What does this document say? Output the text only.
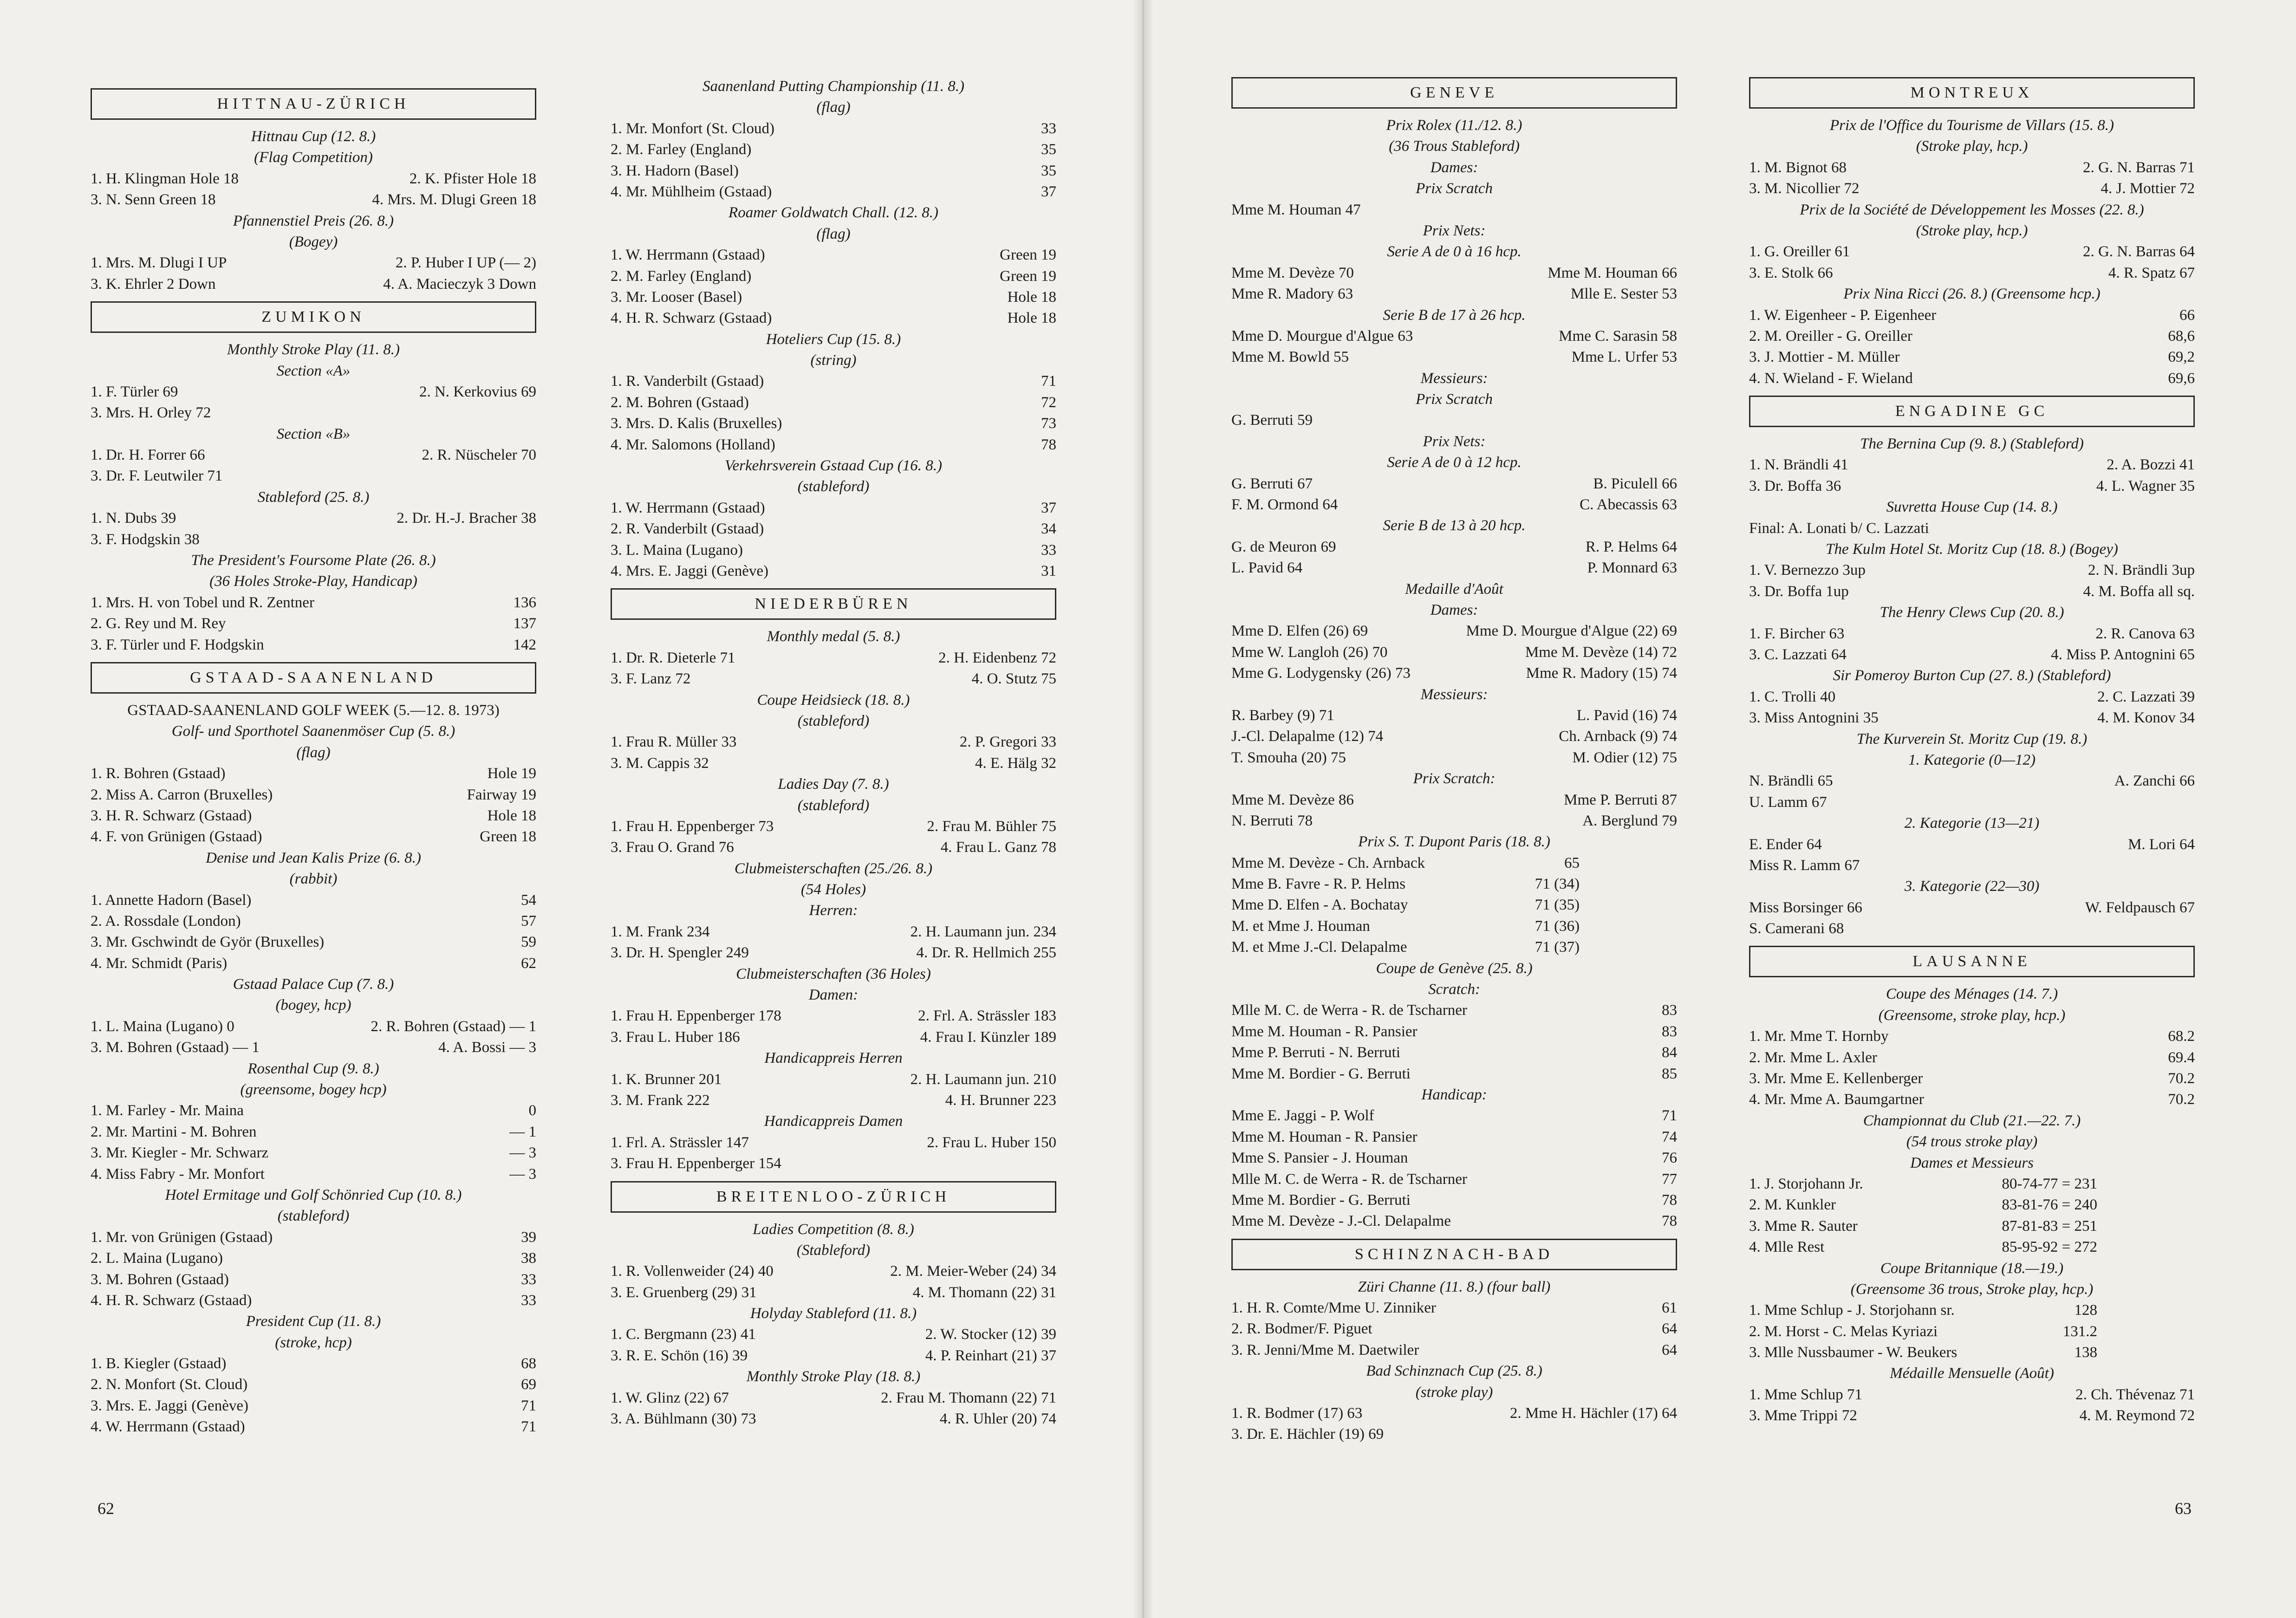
HITTNAU-ZÜRICH
Hittnau Cup (12. 8.)
(Flag Competition)
1. H. Klingman Hole 18	2. K. Pfister Hole 18
3. N. Senn Green 18	4. Mrs. M. Dlugi Green 18
Pfannenstiel Preis (26. 8.)
(Bogey)
1. Mrs. M. Dlugi I UP	2. P. Huber I UP (— 2)
3. K. Ehrler 2 Down	4. A. Macieczyk 3 Down
ZUMIKON
Monthly Stroke Play (11. 8.)
Section «A»
1. F. Türler 69	2. N. Kerkovius 69
3. Mrs. H. Orley 72
Section «B»
1. Dr. H. Forrer 66	2. R. Nüscheler 70
3. Dr. F. Leutwiler 71
Stableford (25. 8.)
1. N. Dubs 39	2. Dr. H.-J. Bracher 38
3. F. Hodgskin 38
The President's Foursome Plate (26. 8.)
(36 Holes Stroke-Play, Handicap)
1. Mrs. H. von Tobel und R. Zentner	136
2. G. Rey und M. Rey	137
3. F. Türler und F. Hodgskin	142
GSTAAD-SAANENLAND
GSTAAD-SAANENLAND GOLF WEEK (5.—12. 8. 1973)
Golf- und Sporthotel Saanenmöser Cup (5. 8.)
(flag)
1. R. Bohren (Gstaad)	Hole 19
2. Miss A. Carron (Bruxelles)	Fairway 19
3. H. R. Schwarz (Gstaad)	Hole 18
4. F. von Grünigen (Gstaad)	Green 18
Denise und Jean Kalis Prize (6. 8.)
(rabbit)
1. Annette Hadorn (Basel)	54
2. A. Rossdale (London)	57
3. Mr. Gschwindt de Györ (Bruxelles)	59
4. Mr. Schmidt (Paris)	62
Gstaad Palace Cup (7. 8.)
(bogey, hcp)
1. L. Maina (Lugano) 0	2. R. Bohren (Gstaad) — 1
3. M. Bohren (Gstaad) — 1	4. A. Bossi — 3
Rosenthal Cup (9. 8.)
(greensome, bogey hcp)
1. M. Farley - Mr. Maina	0
2. Mr. Martini - M. Bohren	— 1
3. Mr. Kiegler - Mr. Schwarz	— 3
4. Miss Fabry - Mr. Monfort	— 3
Hotel Ermitage und Golf Schönried Cup (10. 8.)
(stableford)
1. Mr. von Grünigen (Gstaad)	39
2. L. Maina (Lugano)	38
3. M. Bohren (Gstaad)	33
4. H. R. Schwarz (Gstaad)	33
President Cup (11. 8.)
(stroke, hcp)
1. B. Kiegler (Gstaad)	68
2. N. Monfort (St. Cloud)	69
3. Mrs. E. Jaggi (Genève)	71
4. W. Herrmann (Gstaad)	71
Saanenland Putting Championship (11. 8.)
(flag)
1. Mr. Monfort (St. Cloud)	33
2. M. Farley (England)	35
3. H. Hadorn (Basel)	35
4. Mr. Mühlheim (Gstaad)	37
Roamer Goldwatch Chall. (12. 8.)
(flag)
1. W. Herrmann (Gstaad)	Green 19
2. M. Farley (England)	Green 19
3. Mr. Looser (Basel)	Hole 18
4. H. R. Schwarz (Gstaad)	Hole 18
Hoteliers Cup (15. 8.)
(string)
1. R. Vanderbilt (Gstaad)	71
2. M. Bohren (Gstaad)	72
3. Mrs. D. Kalis (Bruxelles)	73
4. Mr. Salomons (Holland)	78
Verkehrsverein Gstaad Cup (16. 8.)
(stableford)
1. W. Herrmann (Gstaad)	37
2. R. Vanderbilt (Gstaad)	34
3. L. Maina (Lugano)	33
4. Mrs. E. Jaggi (Genève)	31
NIEDERBÜREN
Monthly medal (5. 8.)
1. Dr. R. Dieterle 71	2. H. Eidenbenz 72
3. F. Lanz 72	4. O. Stutz 75
Coupe Heidsieck (18. 8.)
(stableford)
1. Frau R. Müller 33	2. P. Gregori 33
3. M. Cappis 32	4. E. Hälg 32
Ladies Day (7. 8.)
(stableford)
1. Frau H. Eppenberger 73	2. Frau M. Bühler 75
3. Frau O. Grand 76	4. Frau L. Ganz 78
Clubmeisterschaften (25./26. 8.)
(54 Holes)
Herren:
1. M. Frank 234	2. H. Laumann jun. 234
3. Dr. H. Spengler 249	4. Dr. R. Hellmich 255
Clubmeisterschaften (36 Holes)
Damen:
1. Frau H. Eppenberger 178	2. Frl. A. Strässler 183
3. Frau L. Huber 186	4. Frau I. Künzler 189
Handicappreis Herren
1. K. Brunner 201	2. H. Laumann jun. 210
3. M. Frank 222	4. H. Brunner 223
Handicappreis Damen
1. Frl. A. Strässler 147	2. Frau L. Huber 150
3. Frau H. Eppenberger 154
BREITENLOO-ZÜRICH
Ladies Competition (8. 8.)
(Stableford)
1. R. Vollenweider (24) 40	2. M. Meier-Weber (24) 34
3. E. Gruenberg (29) 31	4. M. Thomann (22) 31
Holyday Stableford (11. 8.)
1. C. Bergmann (23) 41	2. W. Stocker (12) 39
3. R. E. Schön (16) 39	4. P. Reinhart (21) 37
Monthly Stroke Play (18. 8.)
1. W. Glinz (22) 67	2. Frau M. Thomann (22) 71
3. A. Bühlmann (30) 73	4. R. Uhler (20) 74
62
GENEVE
Prix Rolex (11./12. 8.)
(36 Trous Stableford)
Dames:
Prix Scratch
Mme M. Houman 47
Prix Nets:
Serie A de 0 à 16 hcp.
Mme M. Devèze 70	Mme M. Houman 66
Mme R. Madory 63	Mlle E. Sester 53
Serie B de 17 à 26 hcp.
Mme D. Mourgue d'Algue 63	Mme C. Sarasin 58
Mme M. Bowld 55	Mme L. Urfer 53
Messieurs:
Prix Scratch
G. Berruti 59
Prix Nets:
Serie A de 0 à 12 hcp.
G. Berruti 67	B. Piculell 66
F. M. Ormond 64	C. Abecassis 63
Serie B de 13 à 20 hcp.
G. de Meuron 69	R. P. Helms 64
L. Pavid 64	P. Monnard 63
Medaille d'Août
Dames:
Mme D. Elfen (26) 69	Mme D. Mourgue d'Algue (22) 69
Mme W. Langloh (26) 70	Mme M. Devèze (14) 72
Mme G. Lodygensky (26) 73	Mme R. Madory (15) 74
Messieurs:
R. Barbey (9) 71	L. Pavid (16) 74
J.-Cl. Delapalme (12) 74	Ch. Arnback (9) 74
T. Smouha (20) 75	M. Odier (12) 75
Prix Scratch:
Mme M. Devèze 86	Mme P. Berruti 87
N. Berruti 78	A. Berglund 79
Prix S. T. Dupont Paris (18. 8.)
Mme M. Devèze - Ch. Arnback	65
Mme B. Favre - R. P. Helms	71 (34)
Mme D. Elfen - A. Bochatay	71 (35)
M. et Mme J. Houman	71 (36)
M. et Mme J.-Cl. Delapalme	71 (37)
Coupe de Genève (25. 8.)
Scratch:
Mlle M. C. de Werra - R. de Tscharner	83
Mme M. Houman - R. Pansier	83
Mme P. Berruti - N. Berruti	84
Mme M. Bordier - G. Berruti	85
Handicap:
Mme E. Jaggi - P. Wolf	71
Mme M. Houman - R. Pansier	74
Mme S. Pansier - J. Houman	76
Mlle M. C. de Werra - R. de Tscharner	77
Mme M. Bordier - G. Berruti	78
Mme M. Devèze - J.-Cl. Delapalme	78
SCHINZNACH-BAD
Züri Channe (11. 8.) (four ball)
1. H. R. Comte/Mme U. Zinniker	61
2. R. Bodmer/F. Piguet	64
3. R. Jenni/Mme M. Daetwiler	64
Bad Schinznach Cup (25. 8.)
(stroke play)
1. R. Bodmer (17) 63	2. Mme H. Hächler (17) 64
3. Dr. E. Hächler (19) 69
MONTREUX
Prix de l'Office du Tourisme de Villars (15. 8.)
(Stroke play, hcp.)
1. M. Bignot 68	2. G. N. Barras 71
3. M. Nicollier 72	4. J. Mottier 72
Prix de la Société de Développement les Mosses (22. 8.)
(Stroke play, hcp.)
1. G. Oreiller 61	2. G. N. Barras 64
3. E. Stolk 66	4. R. Spatz 67
Prix Nina Ricci (26. 8.) (Greensome hcp.)
1. W. Eigenheer - P. Eigenheer	66
2. M. Oreiller - G. Oreiller	68,6
3. J. Mottier - M. Müller	69,2
4. N. Wieland - F. Wieland	69,6
ENGADINE GC
The Bernina Cup (9. 8.) (Stableford)
1. N. Brändli 41	2. A. Bozzi 41
3. Dr. Boffa 36	4. L. Wagner 35
Suvretta House Cup (14. 8.)
Final: A. Lonati b/ C. Lazzati
The Kulm Hotel St. Moritz Cup (18. 8.) (Bogey)
1. V. Bernezzo 3up	2. N. Brändli 3up
3. Dr. Boffa 1up	4. M. Boffa all sq.
The Henry Clews Cup (20. 8.)
1. F. Bircher 63	2. R. Canova 63
3. C. Lazzati 64	4. Miss P. Antognini 65
Sir Pomeroy Burton Cup (27. 8.) (Stableford)
1. C. Trolli 40	2. C. Lazzati 39
3. Miss Antognini 35	4. M. Konov 34
The Kurverein St. Moritz Cup (19. 8.)
1. Kategorie (0—12)
N. Brändli 65	A. Zanchi 66
U. Lamm 67
2. Kategorie (13—21)
E. Ender 64	M. Lori 64
Miss R. Lamm 67
3. Kategorie (22—30)
Miss Borsinger 66	W. Feldpausch 67
S. Camerani 68
LAUSANNE
Coupe des Ménages (14. 7.)
(Greensome, stroke play, hcp.)
1. Mr. Mme T. Hornby	68.2
2. Mr. Mme L. Axler	69.4
3. Mr. Mme E. Kellenberger	70.2
4. Mr. Mme A. Baumgartner	70.2
Championnat du Club (21.—22. 7.)
(54 trous stroke play)
Dames et Messieurs
1. J. Storjohann Jr.	80-74-77 = 231
2. M. Kunkler	83-81-76 = 240
3. Mme R. Sauter	87-81-83 = 251
4. Mlle Rest	85-95-92 = 272
Coupe Britannique (18.—19.)
(Greensome 36 trous, Stroke play, hcp.)
1. Mme Schlup - J. Storjohann sr.	128
2. M. Horst - C. Melas Kyriazi	131.2
3. Mlle Nussbaumer - W. Beukers	138
Médaille Mensuelle (Août)
1. Mme Schlup 71	2. Ch. Thévenaz 71
3. Mme Trippi 72	4. M. Reymond 72
63
